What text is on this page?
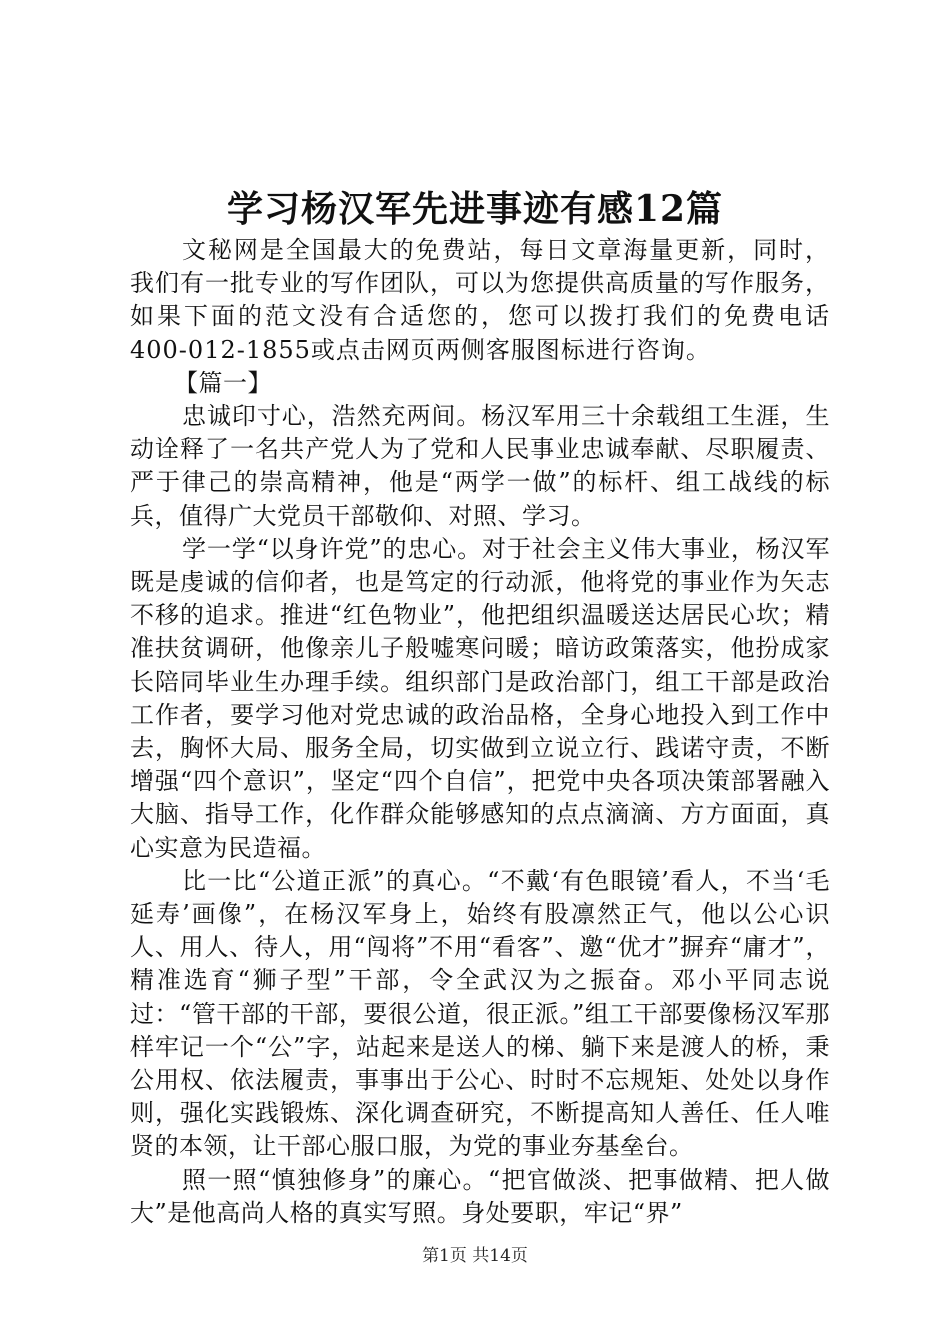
学习杨汉军先进事迹有感12篇

文秘网是全国最大的免费站，每日文章海量更新，同时，我们有一批专业的写作团队，可以为您提供高质量的写作服务，如果下面的范文没有合适您的，您可以拨打我们的免费电话400-012-1855或点击网页两侧客服图标进行咨询。

【篇一】

忠诚印寸心，浩然充两间。杨汉军用三十余载组工生涯，生动诠释了一名共产党人为了党和人民事业忠诚奉献、尽职履责、严于律己的崇高精神，他是“两学一做”的标杆、组工战线的标兵，值得广大党员干部敬仰、对照、学习。

学一学“以身许党”的忠心。对于社会主义伟大事业，杨汉军既是虔诚的信仰者，也是笃定的行动派，他将党的事业作为矢志不移的追求。推进“红色物业”，他把组织温暖送达居民心坎；精准扶贫调研，他像亲儿子般嘘寒问暖；暗访政策落实，他扮成家长陪同毕业生办理手续。组织部门是政治部门，组工干部是政治工作者，要学习他对党忠诚的政治品格，全身心地投入到工作中去，胸怀大局、服务全局，切实做到立说立行、践诺守责，不断增强“四个意识”，坚定“四个自信”，把党中央各项决策部署融入大脑、指导工作，化作群众能够感知的点点滴滴、方方面面，真心实意为民造福。

比一比“公道正派”的真心。“不戴‘有色眼镜’看人，不当‘毛延寿’画像”，在杨汉军身上，始终有股凛然正气，他以公心识人、用人、待人，用“闯将”不用“看客”、邀“优才”摒弃“庸才”，精准选育“狮子型”干部，令全武汉为之振奋。邓小平同志说过：“管干部的干部，要很公道，很正派。”组工干部要像杨汉军那样牢记一个“公”字，站起来是送人的梯、躺下来是渡人的桥，秉公用权、依法履责，事事出于公心、时时不忘规矩、处处以身作则，强化实践锻炼、深化调查研究，不断提高知人善任、任人唯贤的本领，让干部心服口服，为党的事业夯基垒台。

照一照“慎独修身”的廉心。“把官做淡、把事做精、把人做大”是他高尚人格的真实写照。身处要职，牢记“界”

第1页 共14页
